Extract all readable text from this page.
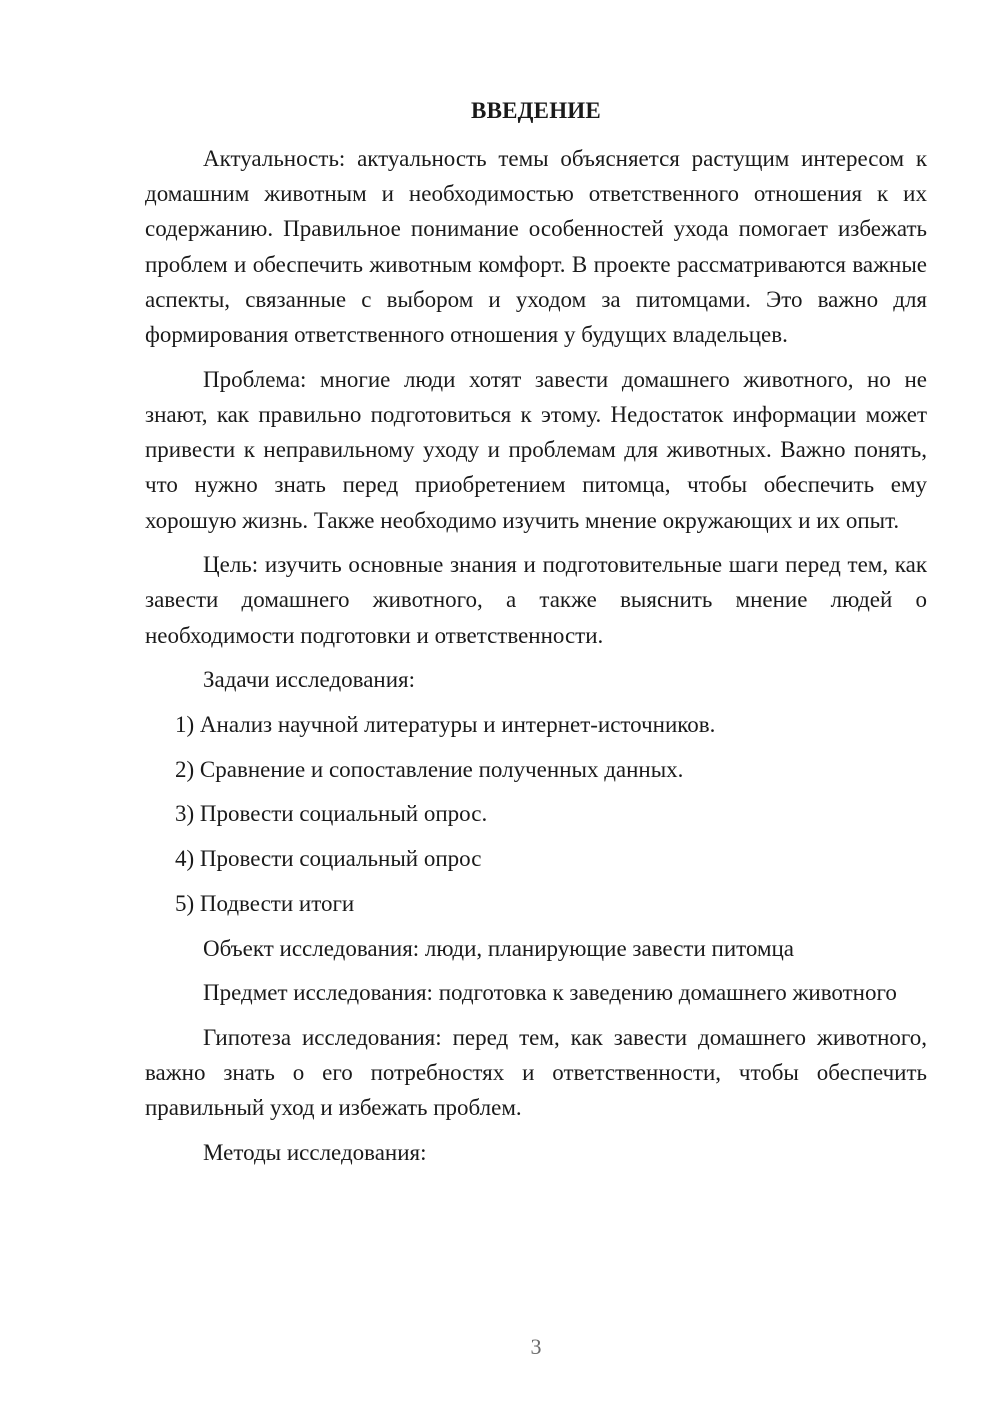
ВВЕДЕНИЕ

Актуальность: актуальность темы объясняется растущим интересом к домашним животным и необходимостью ответственного отношения к их содержанию. Правильное понимание особенностей ухода помогает избежать проблем и обеспечить животным комфорт. В проекте рассматриваются важные аспекты, связанные с выбором и уходом за питомцами. Это важно для формирования ответственного отношения у будущих владельцев.

Проблема: многие люди хотят завести домашнего животного, но не знают, как правильно подготовиться к этому. Недостаток информации может привести к неправильному уходу и проблемам для животных. Важно понять, что нужно знать перед приобретением питомца, чтобы обеспечить ему хорошую жизнь. Также необходимо изучить мнение окружающих и их опыт.

Цель: изучить основные знания и подготовительные шаги перед тем, как завести домашнего животного, а также выяснить мнение людей о необходимости подготовки и ответственности.

Задачи исследования:

1) Анализ научной литературы и интернет-источников.

2) Сравнение и сопоставление полученных данных.

3) Провести социальный опрос.

4) Провести социальный опрос

5) Подвести итоги

Объект исследования: люди, планирующие завести питомца

Предмет исследования: подготовка к заведению домашнего животного

Гипотеза исследования: перед тем, как завести домашнего животного, важно знать о его потребностях и ответственности, чтобы обеспечить правильный уход и избежать проблем.

Методы исследования:

3
